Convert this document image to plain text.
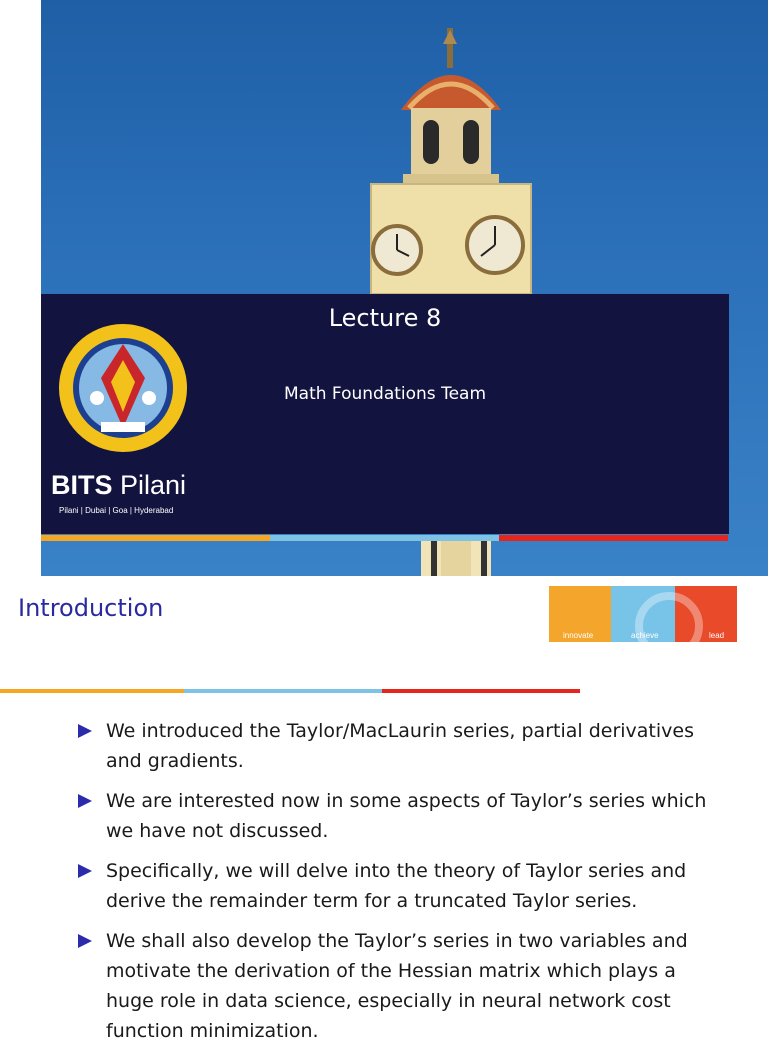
Lecture 8
Math Foundations Team
BITS Pilani
Pilani | Dubai | Goa | Hyderabad
Introduction
innovate	achieve	lead
We introduced the Taylor/MacLaurin series, partial derivatives and gradients.
We are interested now in some aspects of Taylor’s series which we have not discussed.
Specifically, we will delve into the theory of Taylor series and derive the remainder term for a truncated Taylor series.
We shall also develop the Taylor’s series in two variables and motivate the derivation of the Hessian matrix which plays a huge role in data science, especially in neural network cost function minimization.
